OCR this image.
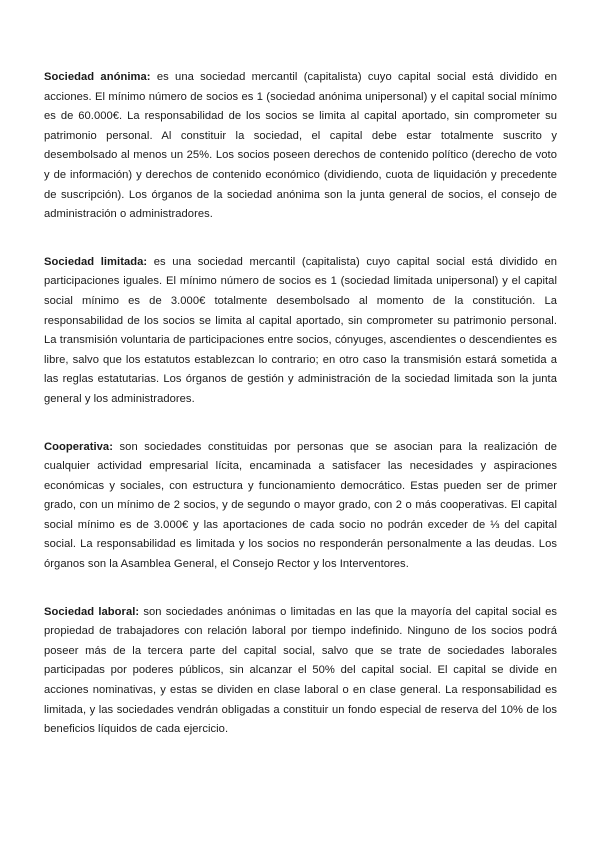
Sociedad anónima: es una sociedad mercantil (capitalista) cuyo capital social está dividido en acciones. El mínimo número de socios es 1 (sociedad anónima unipersonal) y el capital social mínimo es de 60.000€. La responsabilidad de los socios se limita al capital aportado, sin comprometer su patrimonio personal. Al constituir la sociedad, el capital debe estar totalmente suscrito y desembolsado al menos un 25%. Los socios poseen derechos de contenido político (derecho de voto y de información) y derechos de contenido económico (dividiendo, cuota de liquidación y precedente de suscripción). Los órganos de la sociedad anónima son la junta general de socios, el consejo de administración o administradores.

Sociedad limitada: es una sociedad mercantil (capitalista) cuyo capital social está dividido en participaciones iguales. El mínimo número de socios es 1 (sociedad limitada unipersonal) y el capital social mínimo es de 3.000€ totalmente desembolsado al momento de la constitución. La responsabilidad de los socios se limita al capital aportado, sin comprometer su patrimonio personal. La transmisión voluntaria de participaciones entre socios, cónyuges, ascendientes o descendientes es libre, salvo que los estatutos establezcan lo contrario; en otro caso la transmisión estará sometida a las reglas estatutarias. Los órganos de gestión y administración de la sociedad limitada son la junta general y los administradores.

Cooperativa: son sociedades constituidas por personas que se asocian para la realización de cualquier actividad empresarial lícita, encaminada a satisfacer las necesidades y aspiraciones económicas y sociales, con estructura y funcionamiento democrático. Estas pueden ser de primer grado, con un mínimo de 2 socios, y de segundo o mayor grado, con 2 o más cooperativas. El capital social mínimo es de 3.000€ y las aportaciones de cada socio no podrán exceder de ⅓ del capital social. La responsabilidad es limitada y los socios no responderán personalmente a las deudas. Los órganos son la Asamblea General, el Consejo Rector y los Interventores.

Sociedad laboral: son sociedades anónimas o limitadas en las que la mayoría del capital social es propiedad de trabajadores con relación laboral por tiempo indefinido. Ninguno de los socios podrá poseer más de la tercera parte del capital social, salvo que se trate de sociedades laborales participadas por poderes públicos, sin alcanzar el 50% del capital social. El capital se divide en acciones nominativas, y estas se dividen en clase laboral o en clase general. La responsabilidad es limitada, y las sociedades vendrán obligadas a constituir un fondo especial de reserva del 10% de los beneficios líquidos de cada ejercicio.
